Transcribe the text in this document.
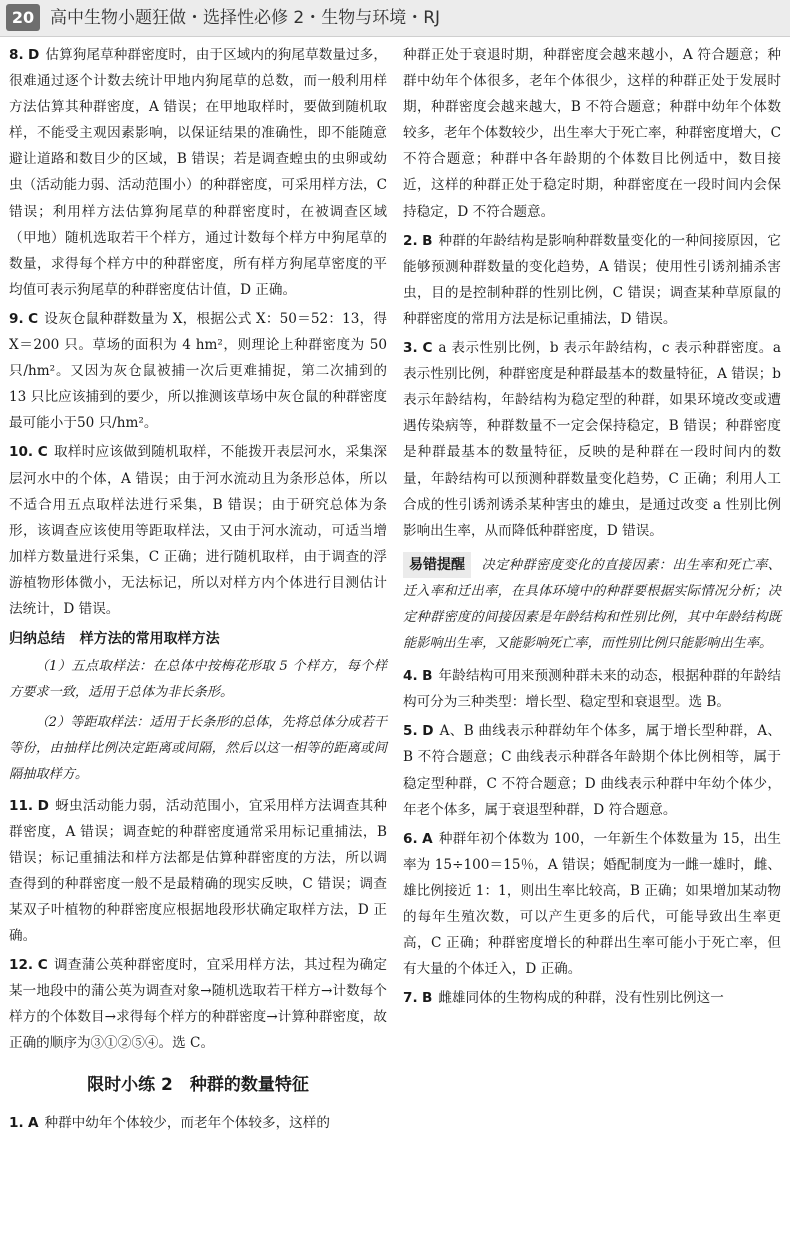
20 高中生物小题狂做・选择性必修 2・生物与环境・RJ

8. D 估算狗尾草种群密度时，由于区域内的狗尾草数量过多，很难通过逐个计数去统计甲地内狗尾草的总数，而一般利用样方法估算其种群密度，A 错误；在甲地取样时，要做到随机取样，不能受主观因素影响，以保证结果的准确性，即不能随意避让道路和数目少的区域，B 错误；若是调查蝗虫的虫卵或幼虫（活动能力弱、活动范围小）的种群密度，可采用样方法，C 错误；利用样方法估算狗尾草的种群密度时，在被调查区域（甲地）随机选取若干个样方，通过计数每个样方中狗尾草的数量，求得每个样方中的种群密度，所有样方狗尾草密度的平均值可表示狗尾草的种群密度估计值，D 正确。

9. C 设灰仓鼠种群数量为 X，根据公式 X：50＝52：13，得 X＝200 只。草场的面积为 4 hm²，则理论上种群密度为 50 只/hm²。又因为灰仓鼠被捕一次后更难捕捉，第二次捕到的 13 只比应该捕到的要少，所以推测该草场中灰仓鼠的种群密度最可能小于50 只/hm²。

10. C 取样时应该做到随机取样，不能拨开表层河水，采集深层河水中的个体，A 错误；由于河水流动且为条形总体，所以不适合用五点取样法进行采集，B 错误；由于研究总体为条形，该调查应该使用等距取样法，又由于河水流动，可适当增加样方数量进行采集，C 正确；进行随机取样，由于调查的浮游植物形体微小，无法标记，所以对样方内个体进行目测估计法统计，D 错误。

归纳总结 样方法的常用取样方法

（1）五点取样法：在总体中按梅花形取 5 个样方，每个样方要求一致，适用于总体为非长条形。

（2）等距取样法：适用于长条形的总体，先将总体分成若干等份，由抽样比例决定距离或间隔，然后以这一相等的距离或间隔抽取样方。

11. D 蚜虫活动能力弱，活动范围小，宜采用样方法调查其种群密度，A 错误；调查蛇的种群密度通常采用标记重捕法，B 错误；标记重捕法和样方法都是估算种群密度的方法，所以调查得到的种群密度一般不是最精确的现实反映，C 错误；调查某双子叶植物的种群密度应根据地段形状确定取样方法，D 正确。

12. C 调查蒲公英种群密度时，宜采用样方法，其过程为确定某一地段中的蒲公英为调查对象→随机选取若干样方→计数每个样方的个体数目→求得每个样方的种群密度→计算种群密度，故正确的顺序为③①②⑤④。选 C。

限时小练 2　种群的数量特征

1. A 种群中幼年个体较少，而老年个体较多，这样的

种群正处于衰退时期，种群密度会越来越小，A 符合题意；种群中幼年个体很多，老年个体很少，这样的种群正处于发展时期，种群密度会越来越大，B 不符合题意；种群中幼年个体数较多，老年个体数较少，出生率大于死亡率，种群密度增大，C 不符合题意；种群中各年龄期的个体数目比例适中，数目接近，这样的种群正处于稳定时期，种群密度在一段时间内会保持稳定，D 不符合题意。

2. B 种群的年龄结构是影响种群数量变化的一种间接原因，它能够预测种群数量的变化趋势，A 错误；使用性引诱剂捕杀害虫，目的是控制种群的性别比例，C 错误；调查某种草原鼠的种群密度的常用方法是标记重捕法，D 错误。

3. C a 表示性别比例，b 表示年龄结构，c 表示种群密度。a 表示性别比例，种群密度是种群最基本的数量特征，A 错误；b 表示年龄结构，年龄结构为稳定型的种群，如果环境改变或遭遇传染病等，种群数量不一定会保持稳定，B 错误；种群密度是种群最基本的数量特征，反映的是种群在一段时间内的数量，年龄结构可以预测种群数量变化趋势，C 正确；利用人工合成的性引诱剂诱杀某种害虫的雄虫，是通过改变 a 性别比例影响出生率，从而降低种群密度，D 错误。

易错提醒 决定种群密度变化的直接因素：出生率和死亡率、迁入率和迁出率，在具体环境中的种群要根据实际情况分析；决定种群密度的间接因素是年龄结构和性别比例，其中年龄结构既能影响出生率，又能影响死亡率，而性别比例只能影响出生率。

4. B 年龄结构可用来预测种群未来的动态，根据种群的年龄结构可分为三种类型：增长型、稳定型和衰退型。选 B。

5. D A、B 曲线表示种群幼年个体多，属于增长型种群，A、B 不符合题意；C 曲线表示种群各年龄期个体比例相等，属于稳定型种群，C 不符合题意；D 曲线表示种群中年幼个体少，年老个体多，属于衰退型种群，D 符合题意。

6. A 种群年初个体数为 100，一年新生个体数量为 15，出生率为 15÷100＝15％，A 错误；婚配制度为一雌一雄时，雌、雄比例接近 1：1，则出生率比较高，B 正确；如果增加某动物的每年生殖次数，可以产生更多的后代，可能导致出生率更高，C 正确；种群密度增长的种群出生率可能小于死亡率，但有大量的个体迁入，D 正确。

7. B 雌雄同体的生物构成的种群，没有性别比例这一
